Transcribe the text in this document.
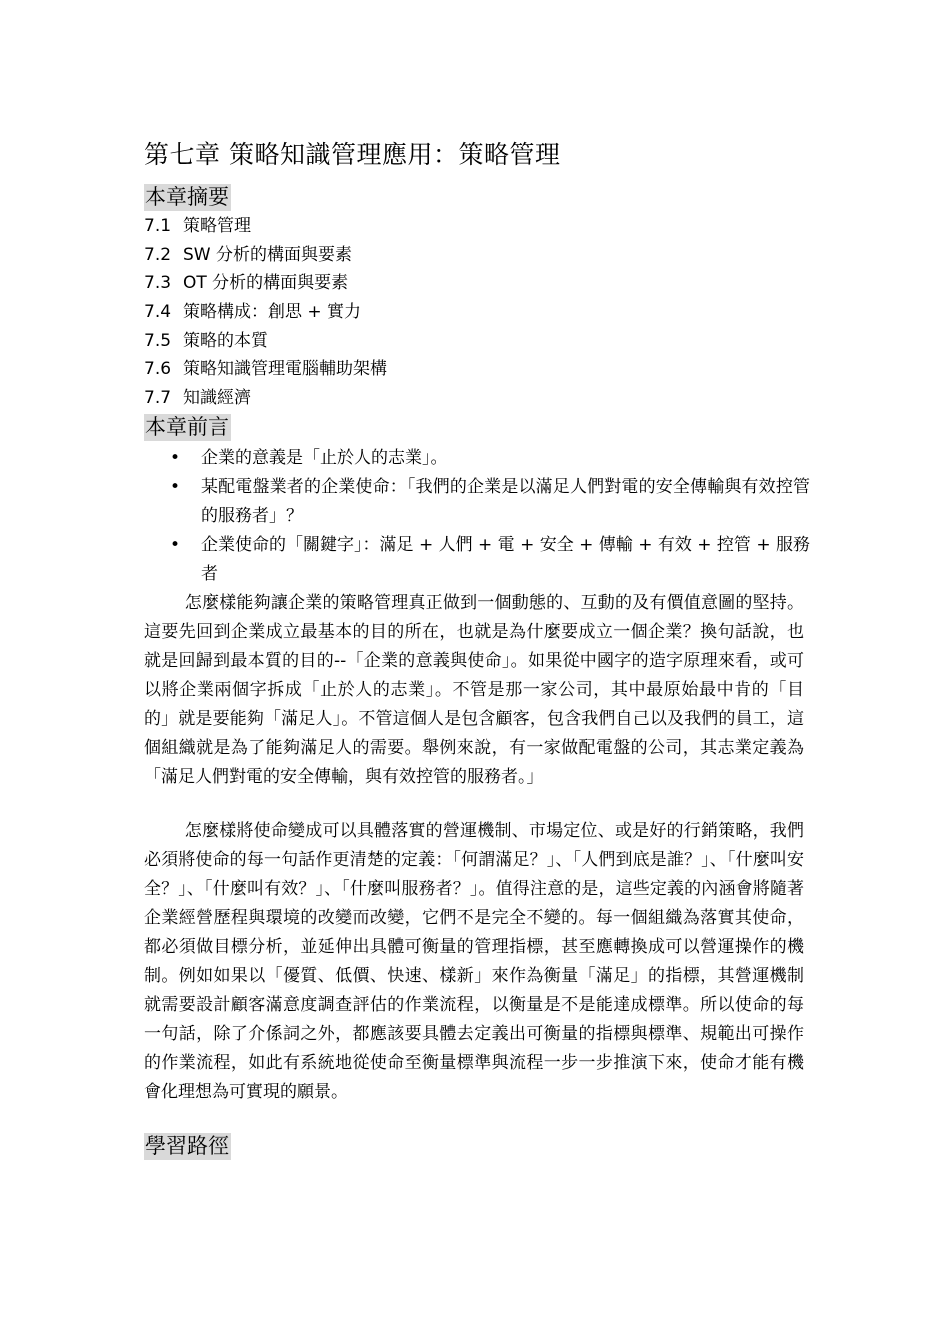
第七章 策略知識管理應用：策略管理
本章摘要
7.1 策略管理
7.2 SW 分析的構面與要素
7.3 OT 分析的構面與要素
7.4 策略構成：創思 + 實力
7.5 策略的本質
7.6 策略知識管理電腦輔助架構
7.7 知識經濟
本章前言
• 企業的意義是「止於人的志業」。
• 某配電盤業者的企業使命：「我們的企業是以滿足人們對電的安全傳輸與有效控管的服務者」？
• 企業使命的「關鍵字」：滿足 + 人們 + 電 + 安全 + 傳輸 + 有效 + 控管 + 服務者

怎麼樣能夠讓企業的策略管理真正做到一個動態的、互動的及有價值意圖的堅持。這要先回到企業成立最基本的目的所在，也就是為什麼要成立一個企業？換句話說，也就是回歸到最本質的目的--「企業的意義與使命」。如果從中國字的造字原理來看，或可以將企業兩個字拆成「止於人的志業」。不管是那一家公司，其中最原始最中肯的「目的」就是要能夠「滿足人」。不管這個人是包含顧客，包含我們自己以及我們的員工，這個組織就是為了能夠滿足人的需要。舉例來說，有一家做配電盤的公司，其志業定義為「滿足人們對電的安全傳輸，與有效控管的服務者。」

怎麼樣將使命變成可以具體落實的營運機制、市場定位、或是好的行銷策略，我們必須將使命的每一句話作更清楚的定義：「何謂滿足？」、「人們到底是誰？」、「什麼叫安全？」、「什麼叫有效？」、「什麼叫服務者？」。值得注意的是，這些定義的內涵會將隨著企業經營歷程與環境的改變而改變，它們不是完全不變的。每一個組織為落實其使命，都必須做目標分析，並延伸出具體可衡量的管理指標，甚至應轉換成可以營運操作的機制。例如如果以「優質、低價、快速、樣新」來作為衡量「滿足」的指標，其營運機制就需要設計顧客滿意度調查評估的作業流程，以衡量是不是能達成標準。所以使命的每一句話，除了介係詞之外，都應該要具體去定義出可衡量的指標與標準、規範出可操作的作業流程，如此有系統地從使命至衡量標準與流程一步一步推演下來，使命才能有機會化理想為可實現的願景。

學習路徑
